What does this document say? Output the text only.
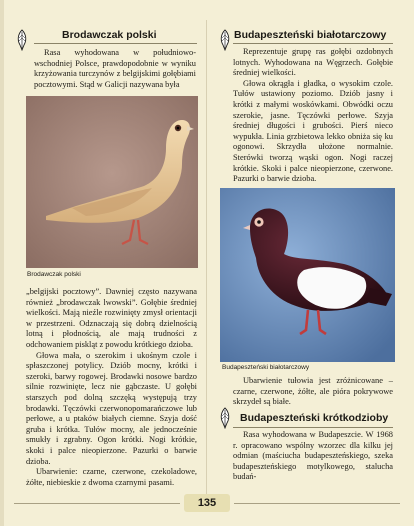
Brodawczak polski

Rasa wyhodowana w południowo-wschodniej Polsce, prawdopodobnie w wyniku krzyżowania turczynów z belgijskimi gołębiami pocztowymi. Stąd w Galicji nazywana była

Brodawczak polski

„belgijski pocztowy”. Dawniej często nazywana również „brodawczak lwowski”. Gołębie średniej wielkości. Mają nieźle rozwinięty zmysł orientacji w przestrzeni. Odznaczają się dobrą dzielnością lotną i płodnością, ale mają trudności z odchowaniem piskląt z powodu krótkiego dzioba.
Głowa mała, o szerokim i ukośnym czole i spłaszczonej potylicy. Dziób mocny, krótki i szeroki, barwy rogowej. Brodawki nosowe bardzo silnie rozwinięte, lecz nie gąbczaste. U gołębi starszych pod dolną szczęką występują trzy brodawki. Tęczówki czerwonopomarańczowe lub perłowe, a u ptaków białych ciemne. Szyja dość gruba i krótka. Tułów mocny, ale jednocześnie smukły i zgrabny. Ogon krótki. Nogi krótkie, skoki i palce nieopierzone. Pazurki o barwie dzioba.
Ubarwienie: czarne, czerwone, czekoladowe, żółte, niebieskie z dwoma czarnymi pasami.

Budapeszteński białotarczowy

Reprezentuje grupę ras gołębi ozdobnych lotnych. Wyhodowana na Węgrzech. Gołębie średniej wielkości.
Głowa okrągła i gładka, o wysokim czole. Tułów ustawiony poziomo. Dziób jasny i krótki z małymi woskówkami. Obwódki oczu szerokie, jasne. Tęczówki perłowe. Szyja średniej długości i grubości. Pierś nieco wypukła. Linia grzbietowa lekko obniża się ku ogonowi. Skrzydła ułożone normalnie. Sterówki tworzą wąski ogon. Nogi raczej krótkie. Skoki i palce nieopierzone, czerwone. Pazurki o barwie dzioba.

Budapeszteński białotarczowy

Ubarwienie tułowia jest zróżnicowane – czarne, czerwone, żółte, ale pióra pokrywowe skrzydeł są białe.

Budapeszteński krótkodzioby

Rasa wyhodowana w Budapeszcie. W 1968 r. opracowano wspólny wzorzec dla kilku jej odmian (maściucha budapeszteńskiego, szeka budapeszteńskiego motylkowego, stalucha budań-

135
